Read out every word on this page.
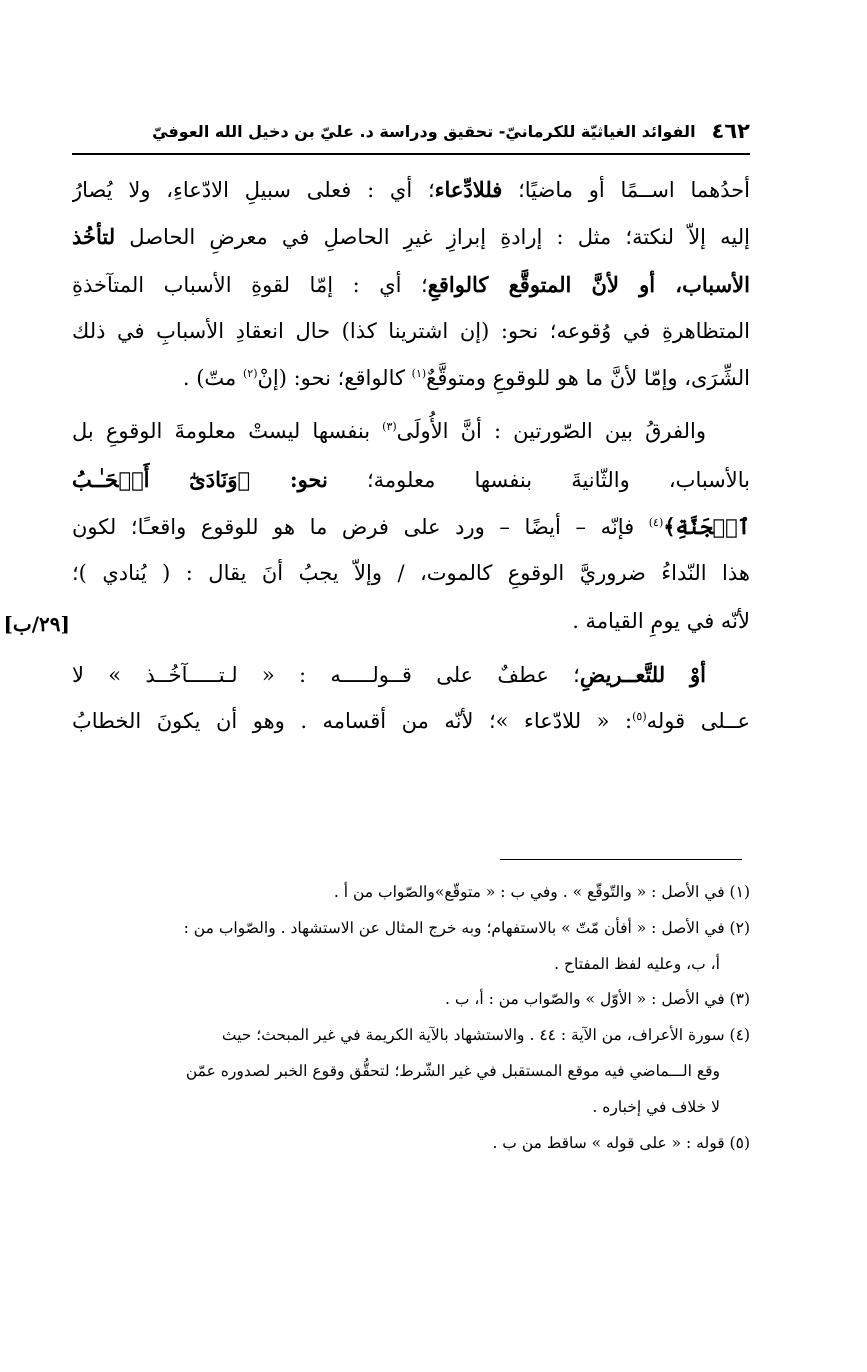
٤٦٢
الفوائد الغياثيّة للكرمانيّ- تحقيق ودراسة د. عليّ بن دخيل الله العوفيّ
أحدُهما اســمًا أو ماضيًا؛ فللادِّعاء؛ أي : فعلى سبيلِ الادّعاءِ، ولا يُصارُ
إليه إلاّ لنكتة؛ مثل : إرادةِ إبرازِ غيرِ الحاصلِ في معرضِ الحاصل لتأخُذ
الأسباب، أو لأنَّ المتوقَّع كالواقعِ؛ أي : إمّا لقوةِ الأسباب المتآخذةِ
المتظاهرةِ في وُقوعه؛ نحو: (إن اشترينا كذا) حال انعقادِ الأسبابِ في ذلك
الشِّرَى، وإمّا لأنَّ ما هو للوقوعِ ومتوقَّعٌ$^{(١)}$ كالواقع؛ نحو: (إنْ$^{(٢)}$ متّ) .
والفرقُ بين الصّورتين : أنَّ الأُولَى$^{(٣)}$ بنفسها ليستْ معلومةَ الوقوعِ بل
بالأسباب، والثّانيةَ بنفسها معلومة؛ نحو: ﴿وَنَادَىٰٓ أَصۡحَـٰـبُ
ٱلۡجَنَّةِ﴾$^{(٤)}$ فإنّه – أيضًا – ورد على فرض ما هو للوقوع واقعـًا؛ لكون
هذا النّداءُ ضروريَّ الوقوعِ كالموت، / وإلاّ يجبُ أنَ يقال : ( يُنادي )؛
لأنّه في يومِ القيامة .
أوْ للتَّعــريضِ؛ عطفٌ على قــولـــــه : « لـتـــــآخُــذ » لا
عــلى قوله$^{(٥)}$: « للادّعاء »؛ لأنّه من أقسامه . وهو أن يكونَ الخطابُ
[٢٩/ب]
(١) في الأصل : « والتّوقّع » . وفي ب : « متوقّع»والصّواب من أ .
(٢) في الأصل : « أفأن مّتّ » بالاستفهام؛ وبه خرج المثال عن الاستشهاد . والصّواب من :
أ، ب، وعليه لفظ المفتاح .
(٣) في الأصل : « الأوّل » والصّواب من : أ، ب .
(٤) سورة الأعراف، من الآية : ٤٤ . والاستشهاد بالآية الكريمة في غير المبحث؛ حيث
وقع الـــماضي فيه موقع المستقبل في غير الشّرط؛ لتحقُّق وقوع الخبر لصدوره عمّن
لا خلاف في إخباره .
(٥) قوله : « على قوله » ساقط من ب .
